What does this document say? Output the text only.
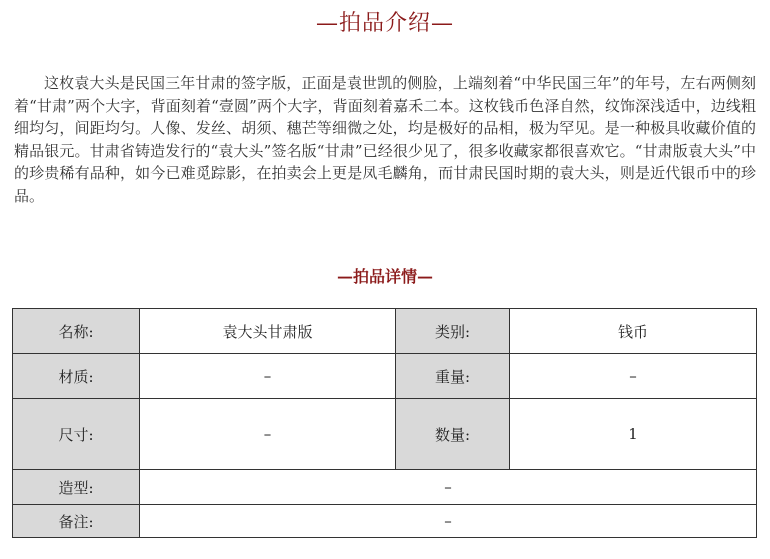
—拍品介绍—

这枚袁大头是民国三年甘肃的签字版，正面是袁世凯的侧脸，上端刻着“中华民国三年”的年号，左右两侧刻着“甘肃”两个大字，背面刻着“壹圆”两个大字，背面刻着嘉禾二本。这枚钱币色泽自然，纹饰深浅适中，边线粗细均匀，间距均匀。人像、发丝、胡须、穗芒等细微之处，均是极好的品相，极为罕见。是一种极具收藏价值的精品银元。甘肃省铸造发行的“袁大头”签名版“甘肃”已经很少见了，很多收藏家都很喜欢它。“甘肃版袁大头”中的珍贵稀有品种，如今已难觅踪影，在拍卖会上更是凤毛麟角，而甘肃民国时期的袁大头，则是近代银币中的珍品。

—拍品详情—
名称:	袁大头甘肃版	类别:	钱币
材质:	–	重量:	–
尺寸:	–	数量:	1
造型:	–		
备注:	–		
